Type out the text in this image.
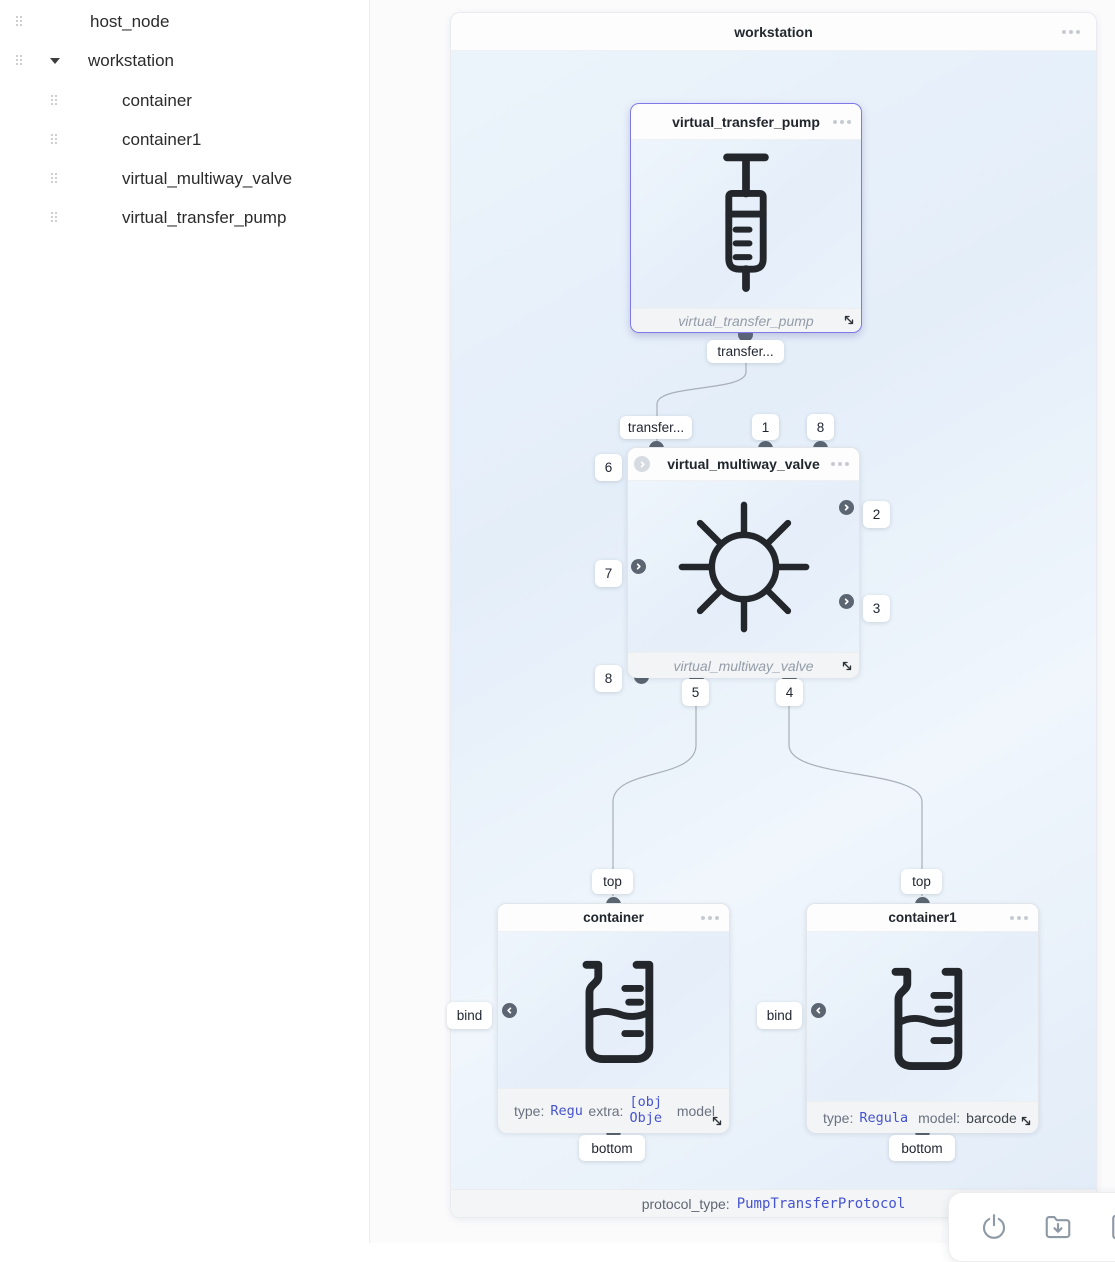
host_node
workstation
container
container1
virtual_multiway_valve
virtual_transfer_pump
workstation
protocol_type: PumpTransferProtocol
virtual_transfer_pump
virtual_transfer_pump
transfer...
virtual_multiway_valve
virtual_multiway_valve
transfer...	1	8
2
3
6
7
8
5	4
container
type: Regu extra:
[obj Obje	model
top
bind
bottom
container1
type: Regula model: barcode
top
bind
bottom
